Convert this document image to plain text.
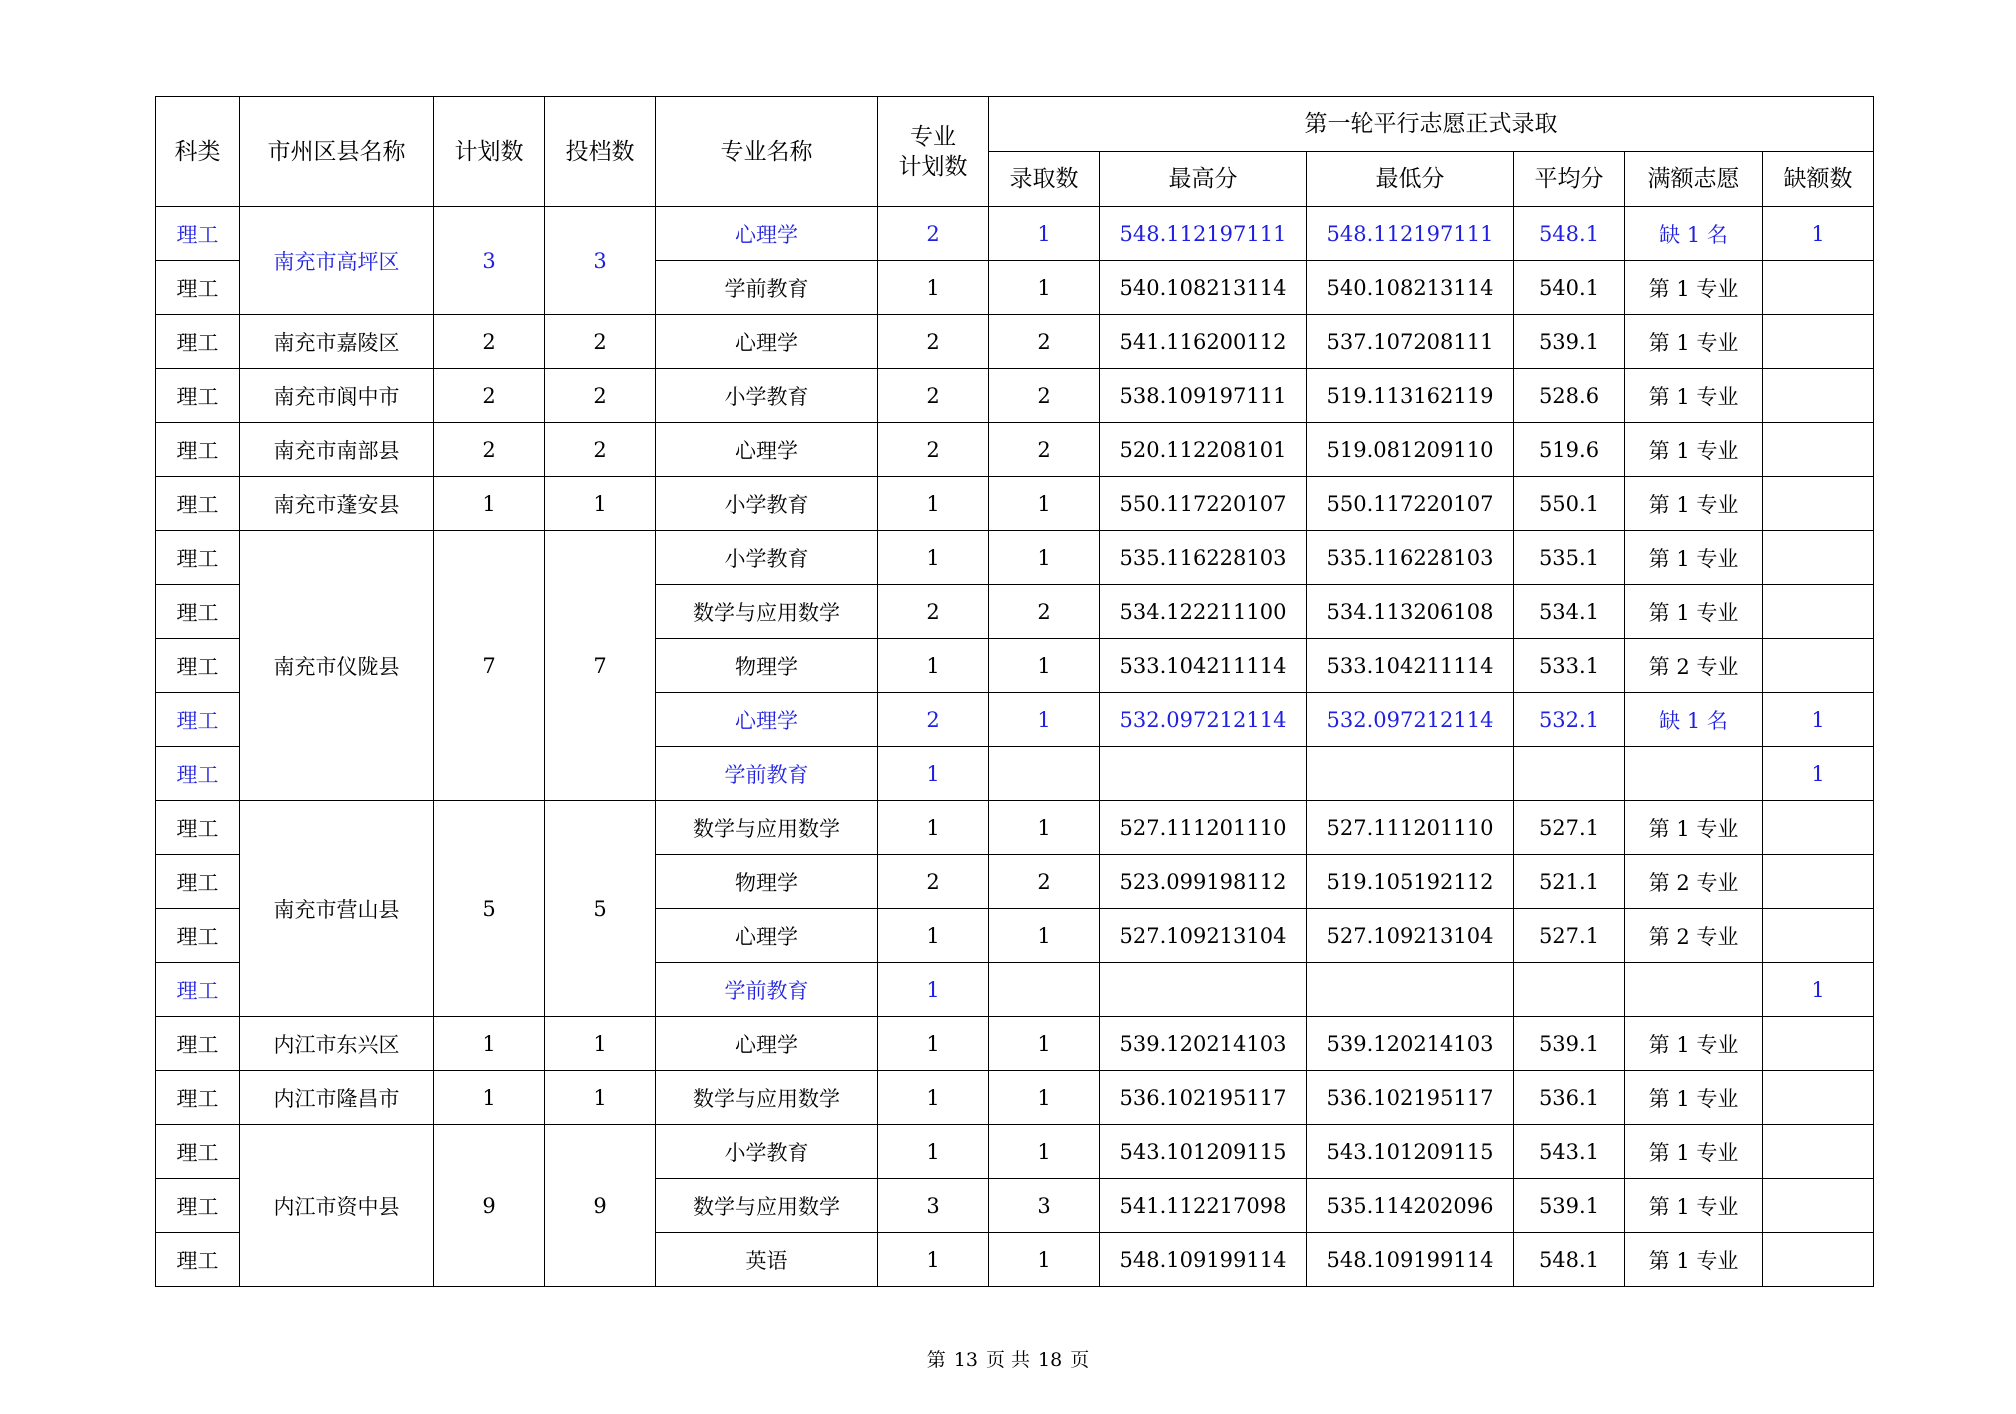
科类	市州区县名称	计划数	投档数	专业名称	专业
计划数	第一轮平行志愿正式录取					
						录取数	最高分	最低分	平均分	满额志愿	缺额数
理工	南充市高坪区	3	3	心理学	2	1	548.112197111	548.112197111	548.1	缺 1 名	1
理工				学前教育	1	1	540.108213114	540.108213114	540.1	第 1 专业	
理工	南充市嘉陵区	2	2	心理学	2	2	541.116200112	537.107208111	539.1	第 1 专业	
理工	南充市阆中市	2	2	小学教育	2	2	538.109197111	519.113162119	528.6	第 1 专业	
理工	南充市南部县	2	2	心理学	2	2	520.112208101	519.081209110	519.6	第 1 专业	
理工	南充市蓬安县	1	1	小学教育	1	1	550.117220107	550.117220107	550.1	第 1 专业	
理工	南充市仪陇县	7	7	小学教育	1	1	535.116228103	535.116228103	535.1	第 1 专业	
理工				数学与应用数学	2	2	534.122211100	534.113206108	534.1	第 1 专业	
理工				物理学	1	1	533.104211114	533.104211114	533.1	第 2 专业	
理工				心理学	2	1	532.097212114	532.097212114	532.1	缺 1 名	1
理工				学前教育	1						1
理工	南充市营山县	5	5	数学与应用数学	1	1	527.111201110	527.111201110	527.1	第 1 专业	
理工				物理学	2	2	523.099198112	519.105192112	521.1	第 2 专业	
理工				心理学	1	1	527.109213104	527.109213104	527.1	第 2 专业	
理工				学前教育	1						1
理工	内江市东兴区	1	1	心理学	1	1	539.120214103	539.120214103	539.1	第 1 专业	
理工	内江市隆昌市	1	1	数学与应用数学	1	1	536.102195117	536.102195117	536.1	第 1 专业	
理工	内江市资中县	9	9	小学教育	1	1	543.101209115	543.101209115	543.1	第 1 专业	
理工				数学与应用数学	3	3	541.112217098	535.114202096	539.1	第 1 专业	
理工				英语	1	1	548.109199114	548.109199114	548.1	第 1 专业	
第 13 页 共 18 页
